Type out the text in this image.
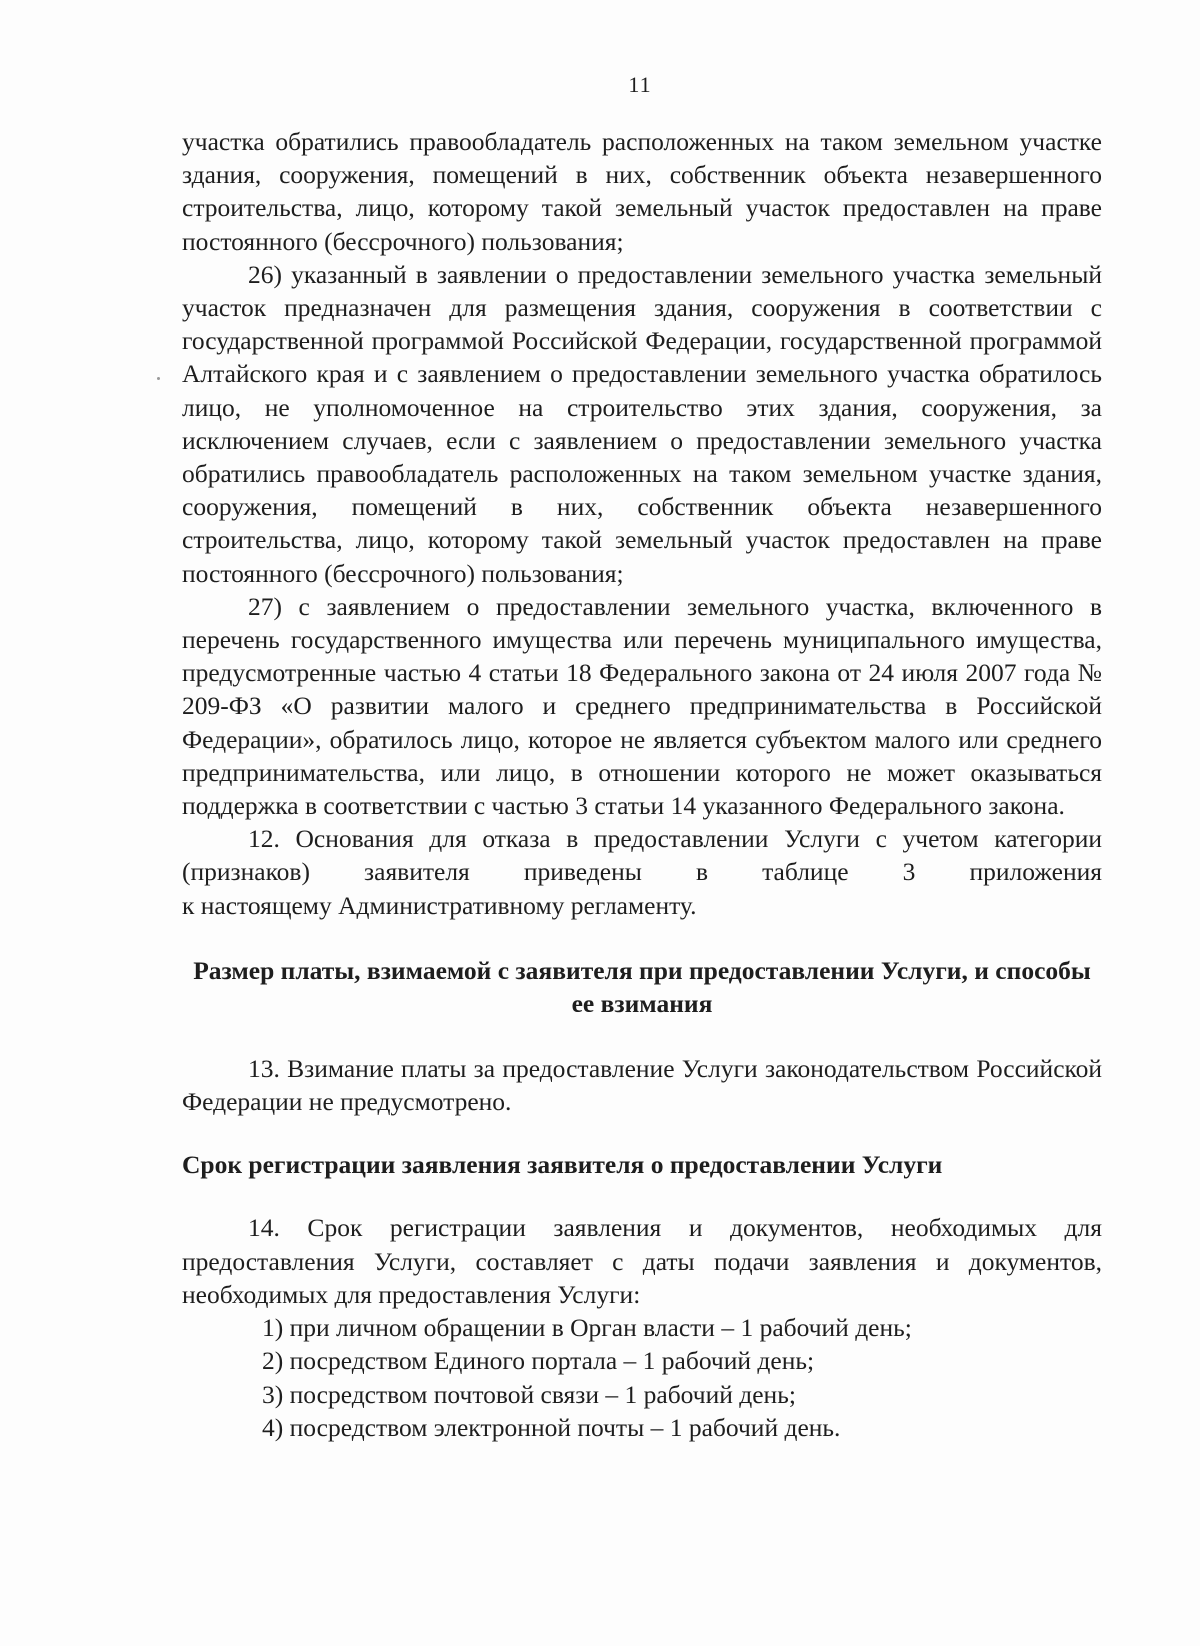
11

участка обратились правообладатель расположенных на таком земельном участке здания, сооружения, помещений в них, собственник объекта незавершенного строительства, лицо, которому такой земельный участок предоставлен на праве постоянного (бессрочного) пользования;

26) указанный в заявлении о предоставлении земельного участка земельный участок предназначен для размещения здания, сооружения в соответствии с государственной программой Российской Федерации, государственной программой Алтайского края и с заявлением о предоставлении земельного участка обратилось лицо, не уполномоченное на строительство этих здания, сооружения, за исключением случаев, если с заявлением о предоставлении земельного участка обратились правообладатель расположенных на таком земельном участке здания, сооружения, помещений в них, собственник объекта незавершенного строительства, лицо, которому такой земельный участок предоставлен на праве постоянного (бессрочного) пользования;

27) с заявлением о предоставлении земельного участка, включенного в перечень государственного имущества или перечень муниципального имущества, предусмотренные частью 4 статьи 18 Федерального закона от 24 июля 2007 года № 209-ФЗ «О развитии малого и среднего предпринимательства в Российской Федерации», обратилось лицо, которое не является субъектом малого или среднего предпринимательства, или лицо, в отношении которого не может оказываться поддержка в соответствии с частью 3 статьи 14 указанного Федерального закона.

12. Основания для отказа в предоставлении Услуги с учетом категории (признаков) заявителя приведены в таблице 3 приложения

к настоящему Административному регламенту.

Размер платы, взимаемой с заявителя при предоставлении Услуги, и способы ее взимания

13. Взимание платы за предоставление Услуги законодательством Российской Федерации не предусмотрено.

Срок регистрации заявления заявителя о предоставлении Услуги

14. Срок регистрации заявления и документов, необходимых для предоставления Услуги, составляет с даты подачи заявления и документов, необходимых для предоставления Услуги:

1) при личном обращении в Орган власти – 1 рабочий день;

2) посредством Единого портала – 1 рабочий день;

3) посредством почтовой связи – 1 рабочий день;

4) посредством электронной почты – 1 рабочий день.
